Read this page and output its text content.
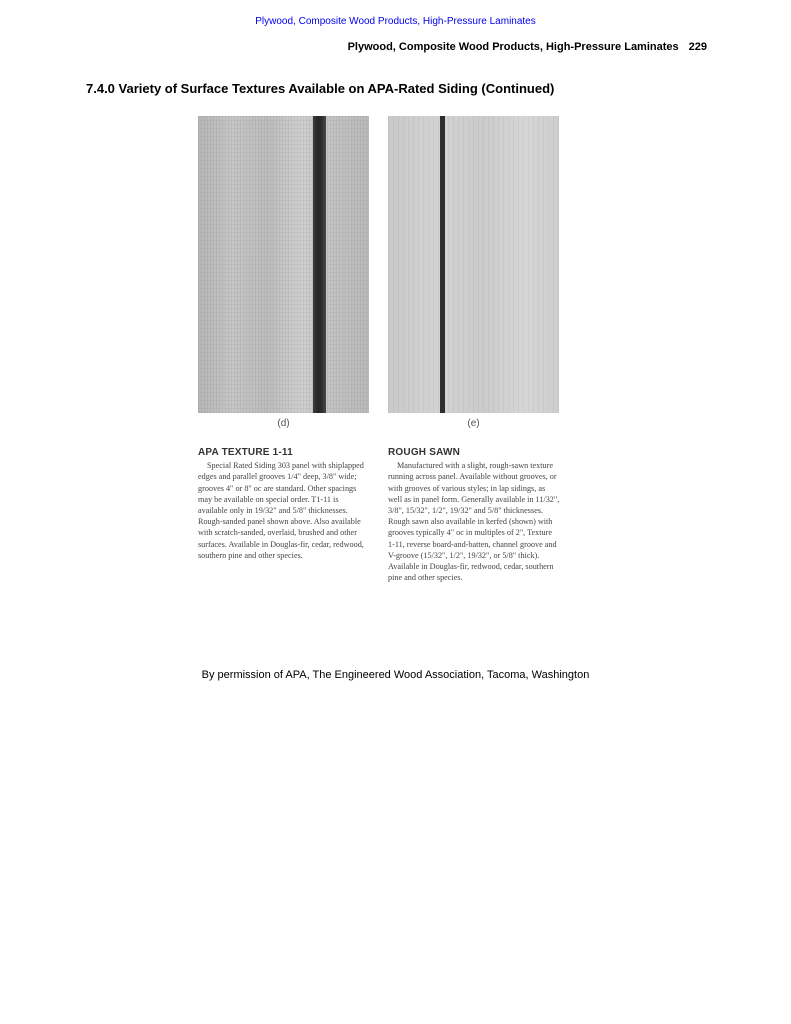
Plywood, Composite Wood Products, High-Pressure Laminates
Plywood, Composite Wood Products, High-Pressure Laminates 229
7.4.0 Variety of Surface Textures Available on APA-Rated Siding (Continued)
(d)	(e)
APA TEXTURE 1-11

Special Rated Siding 303 panel with shiplapped edges and parallel grooves 1/4" deep, 3/8" wide; grooves 4" or 8" oc are standard. Other spacings may be available on special order. T1-11 is available only in 19/32" and 5/8" thicknesses. Rough-sanded panel shown above. Also available with scratch-sanded, overlaid, brushed and other surfaces. Available in Douglas-fir, cedar, redwood, southern pine and other species.

ROUGH SAWN

Manufactured with a slight, rough-sawn texture running across panel. Available without grooves, or with grooves of various styles; in lap sidings, as well as in panel form. Generally available in 11/32", 3/8", 15/32", 1/2", 19/32" and 5/8" thicknesses. Rough sawn also available in kerfed (shown) with grooves typically 4" oc in multiples of 2", Texture 1-11, reverse board-and-batten, channel groove and V-groove (15/32", 1/2", 19/32", or 5/8" thick). Available in Douglas-fir, redwood, cedar, southern pine and other species.

By permission of APA, The Engineered Wood Association, Tacoma, Washington
